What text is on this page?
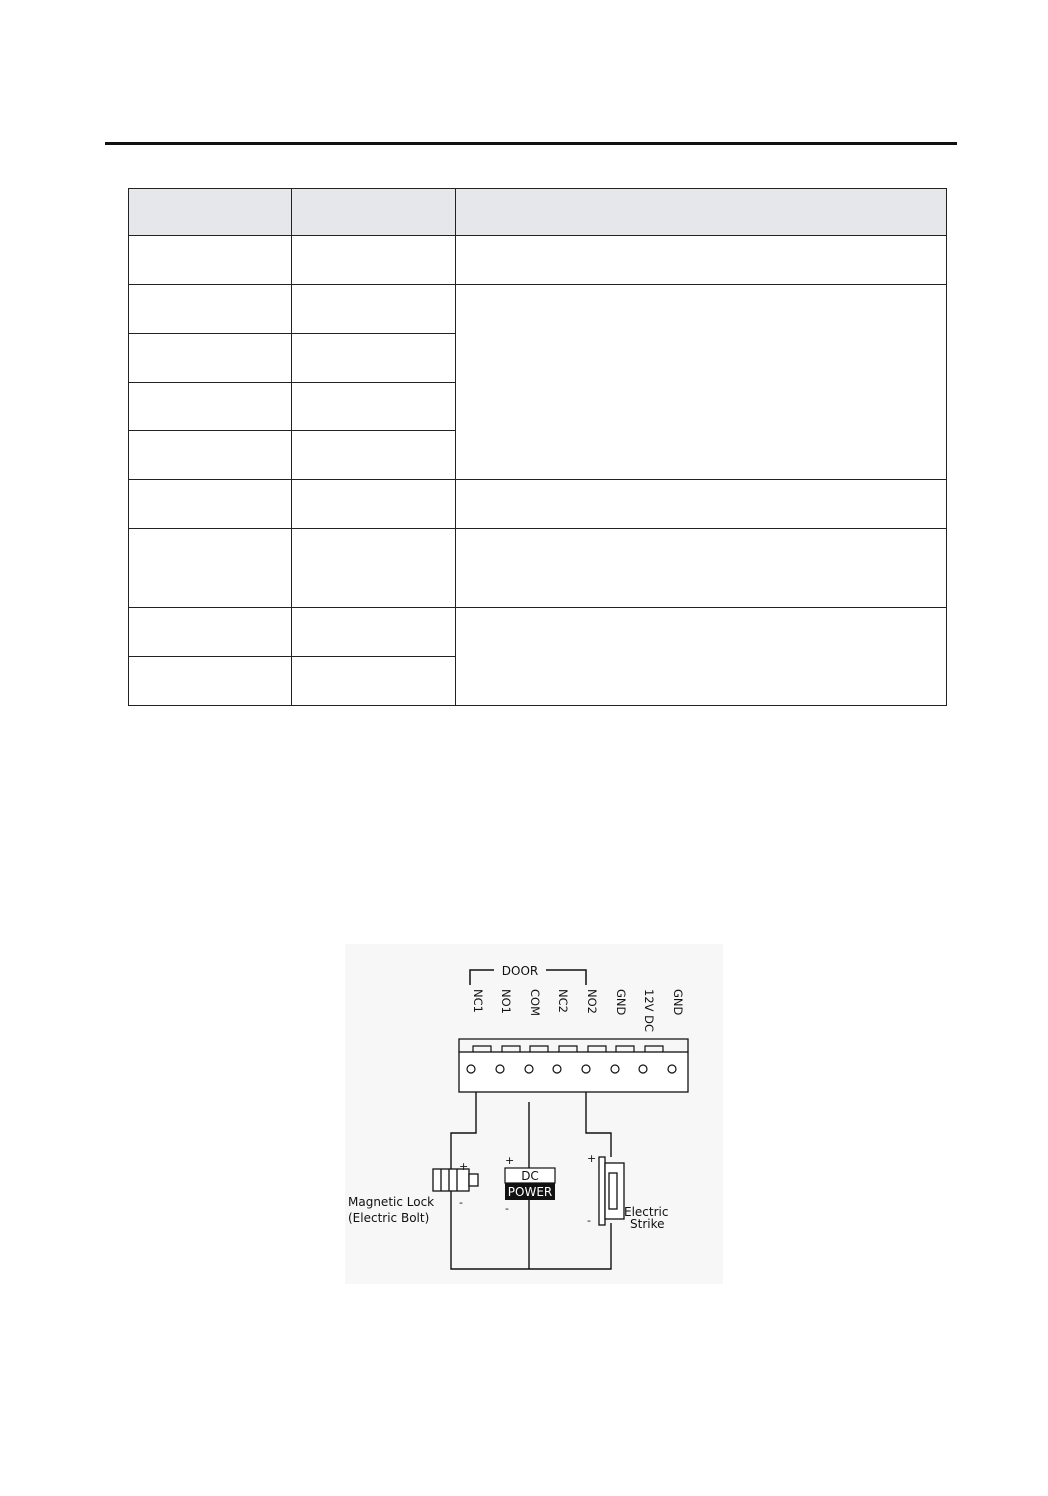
DOOR
NC1 NO1 COM NC2 NO2 GND 12V DC GND
+
-
Magnetic Lock
(Electric Bolt)
DC
POWER
+
-
+
-
Electric
Strike
